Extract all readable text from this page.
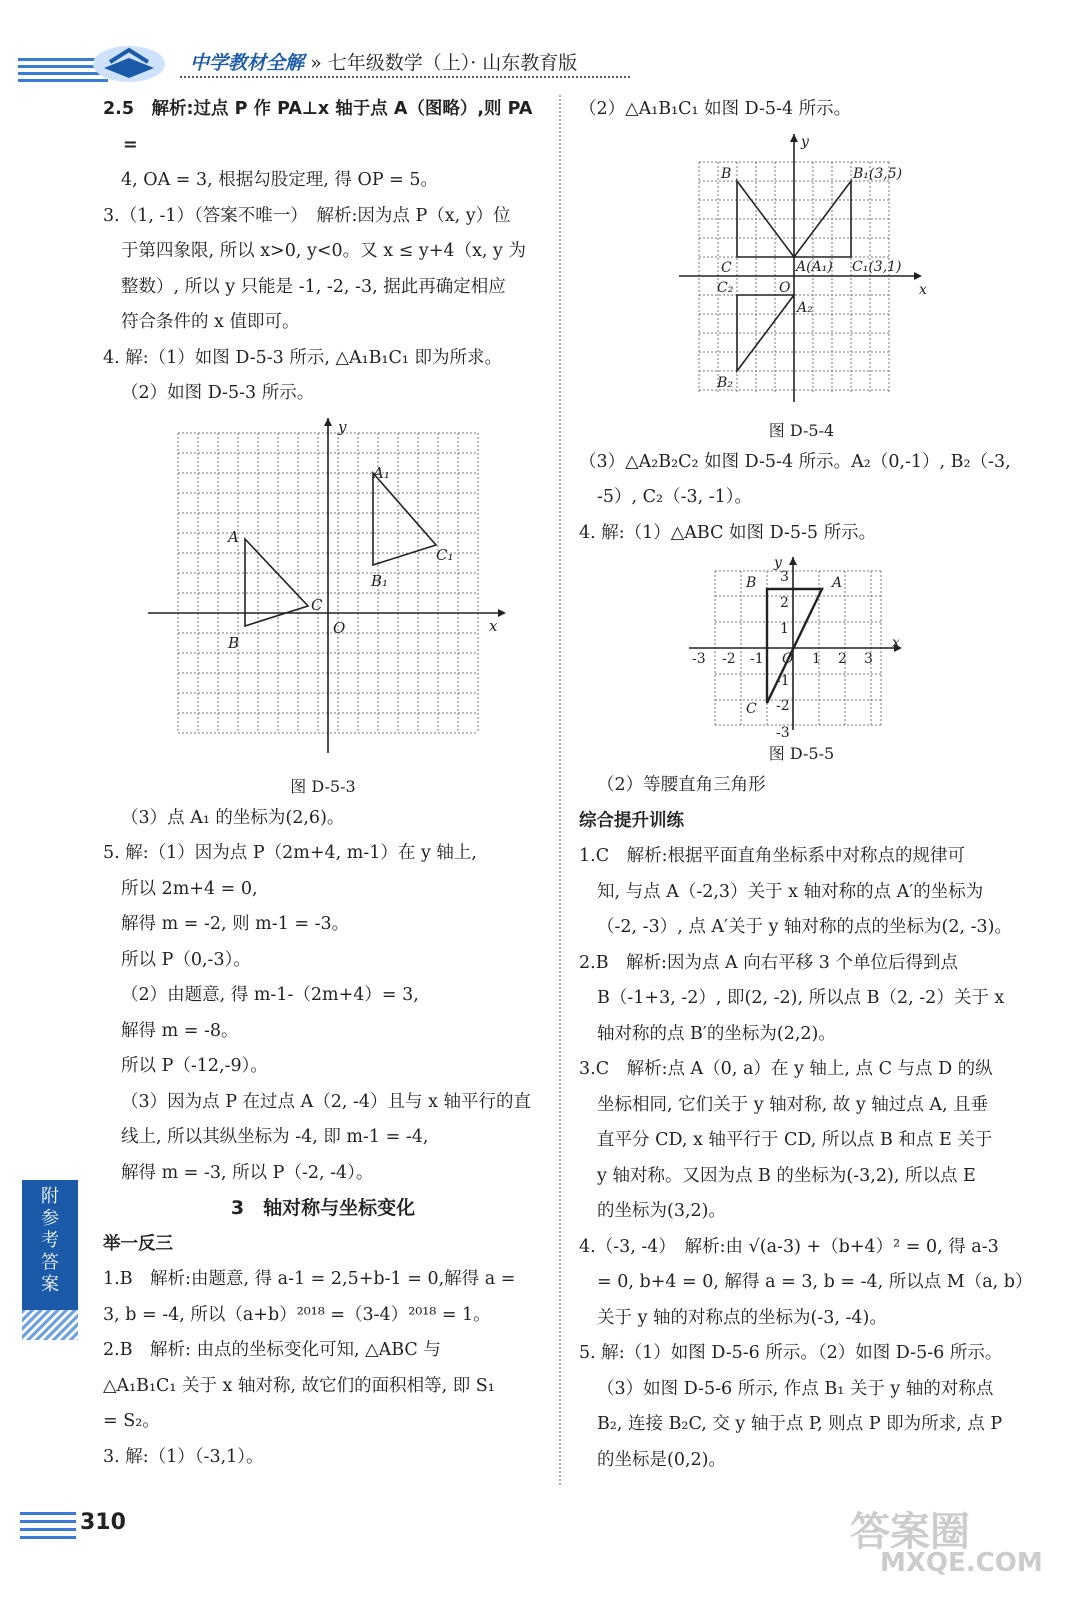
中学教材全解 » 七年级数学（上）· 山东教育版

2.5　解析:过点 P 作 PA⊥x 轴于点 A（图略）,则 PA =

4, OA = 3, 根据勾股定理, 得 OP = 5。

3.（1, -1）（答案不唯一）　解析:因为点 P（x, y）位

于第四象限, 所以 x>0, y<0。又 x ≤ y+4（x, y 为

整数）, 所以 y 只能是 -1, -2, -3, 据此再确定相应

符合条件的 x 值即可。

4. 解:（1）如图 D-5-3 所示, △A₁B₁C₁ 即为所求。

（2）如图 D-5-3 所示。

x
y
O
A
B
C
A₁
B₁
C₁

图 D-5-3

（3）点 A₁ 的坐标为(2,6)。

5. 解:（1）因为点 P（2m+4, m-1）在 y 轴上,

所以 2m+4 = 0,

解得 m = -2, 则 m-1 = -3。

所以 P（0,-3）。

（2）由题意, 得 m-1-（2m+4）= 3,

解得 m = -8。

所以 P（-12,-9）。

（3）因为点 P 在过点 A（2, -4）且与 x 轴平行的直

线上, 所以其纵坐标为 -4, 即 m-1 = -4,

解得 m = -3, 所以 P（-2, -4）。

3　轴对称与坐标变化

举一反三

1.B　解析:由题意, 得 a-1 = 2,5+b-1 = 0,解得 a =

3, b = -4, 所以（a+b）²⁰¹⁸ =（3-4）²⁰¹⁸ = 1。

2.B　解析: 由点的坐标变化可知, △ABC 与

△A₁B₁C₁ 关于 x 轴对称, 故它们的面积相等, 即 S₁

= S₂。

3. 解:（1）（-3,1）。

（2）△A₁B₁C₁ 如图 D-5-4 所示。

x
y
O
B	B₁(3,5)
C	A(A₁) C₁(3,1)
C₂
A₂
B₂

图 D-5-4

（3）△A₂B₂C₂ 如图 D-5-4 所示。A₂（0,-1）, B₂（-3,

-5）, C₂（-3, -1）。

4. 解:（1）△ABC 如图 D-5-5 所示。

x
y
O
A
B
C
1 2 3
-1
-2
-3
1
2
3
-1
-2
-3

图 D-5-5

（2）等腰直角三角形

综合提升训练

1.C　解析:根据平面直角坐标系中对称点的规律可

知, 与点 A（-2,3）关于 x 轴对称的点 A′的坐标为

（-2, -3）, 点 A′关于 y 轴对称的点的坐标为(2, -3)。

2.B　解析:因为点 A 向右平移 3 个单位后得到点

B（-1+3, -2）, 即(2, -2), 所以点 B（2, -2）关于 x

轴对称的点 B′的坐标为(2,2)。

3.C　解析:点 A（0, a）在 y 轴上, 点 C 与点 D 的纵

坐标相同, 它们关于 y 轴对称, 故 y 轴过点 A, 且垂

直平分 CD, x 轴平行于 CD, 所以点 B 和点 E 关于

y 轴对称。又因为点 B 的坐标为(-3,2), 所以点 E

的坐标为(3,2)。

4.（-3, -4）　解析:由 √(a-3) +（b+4）² = 0, 得 a-3

= 0, b+4 = 0, 解得 a = 3, b = -4, 所以点 M（a, b）

关于 y 轴的对称点的坐标为(-3, -4)。

5. 解:（1）如图 D-5-6 所示。（2）如图 D-5-6 所示。

（3）如图 D-5-6 所示, 作点 B₁ 关于 y 轴的对称点

B₂, 连接 B₂C, 交 y 轴于点 P, 则点 P 即为所求, 点 P

的坐标是(0,2)。

附
参
考
答
案
310	答案圈
MXQE.COM
